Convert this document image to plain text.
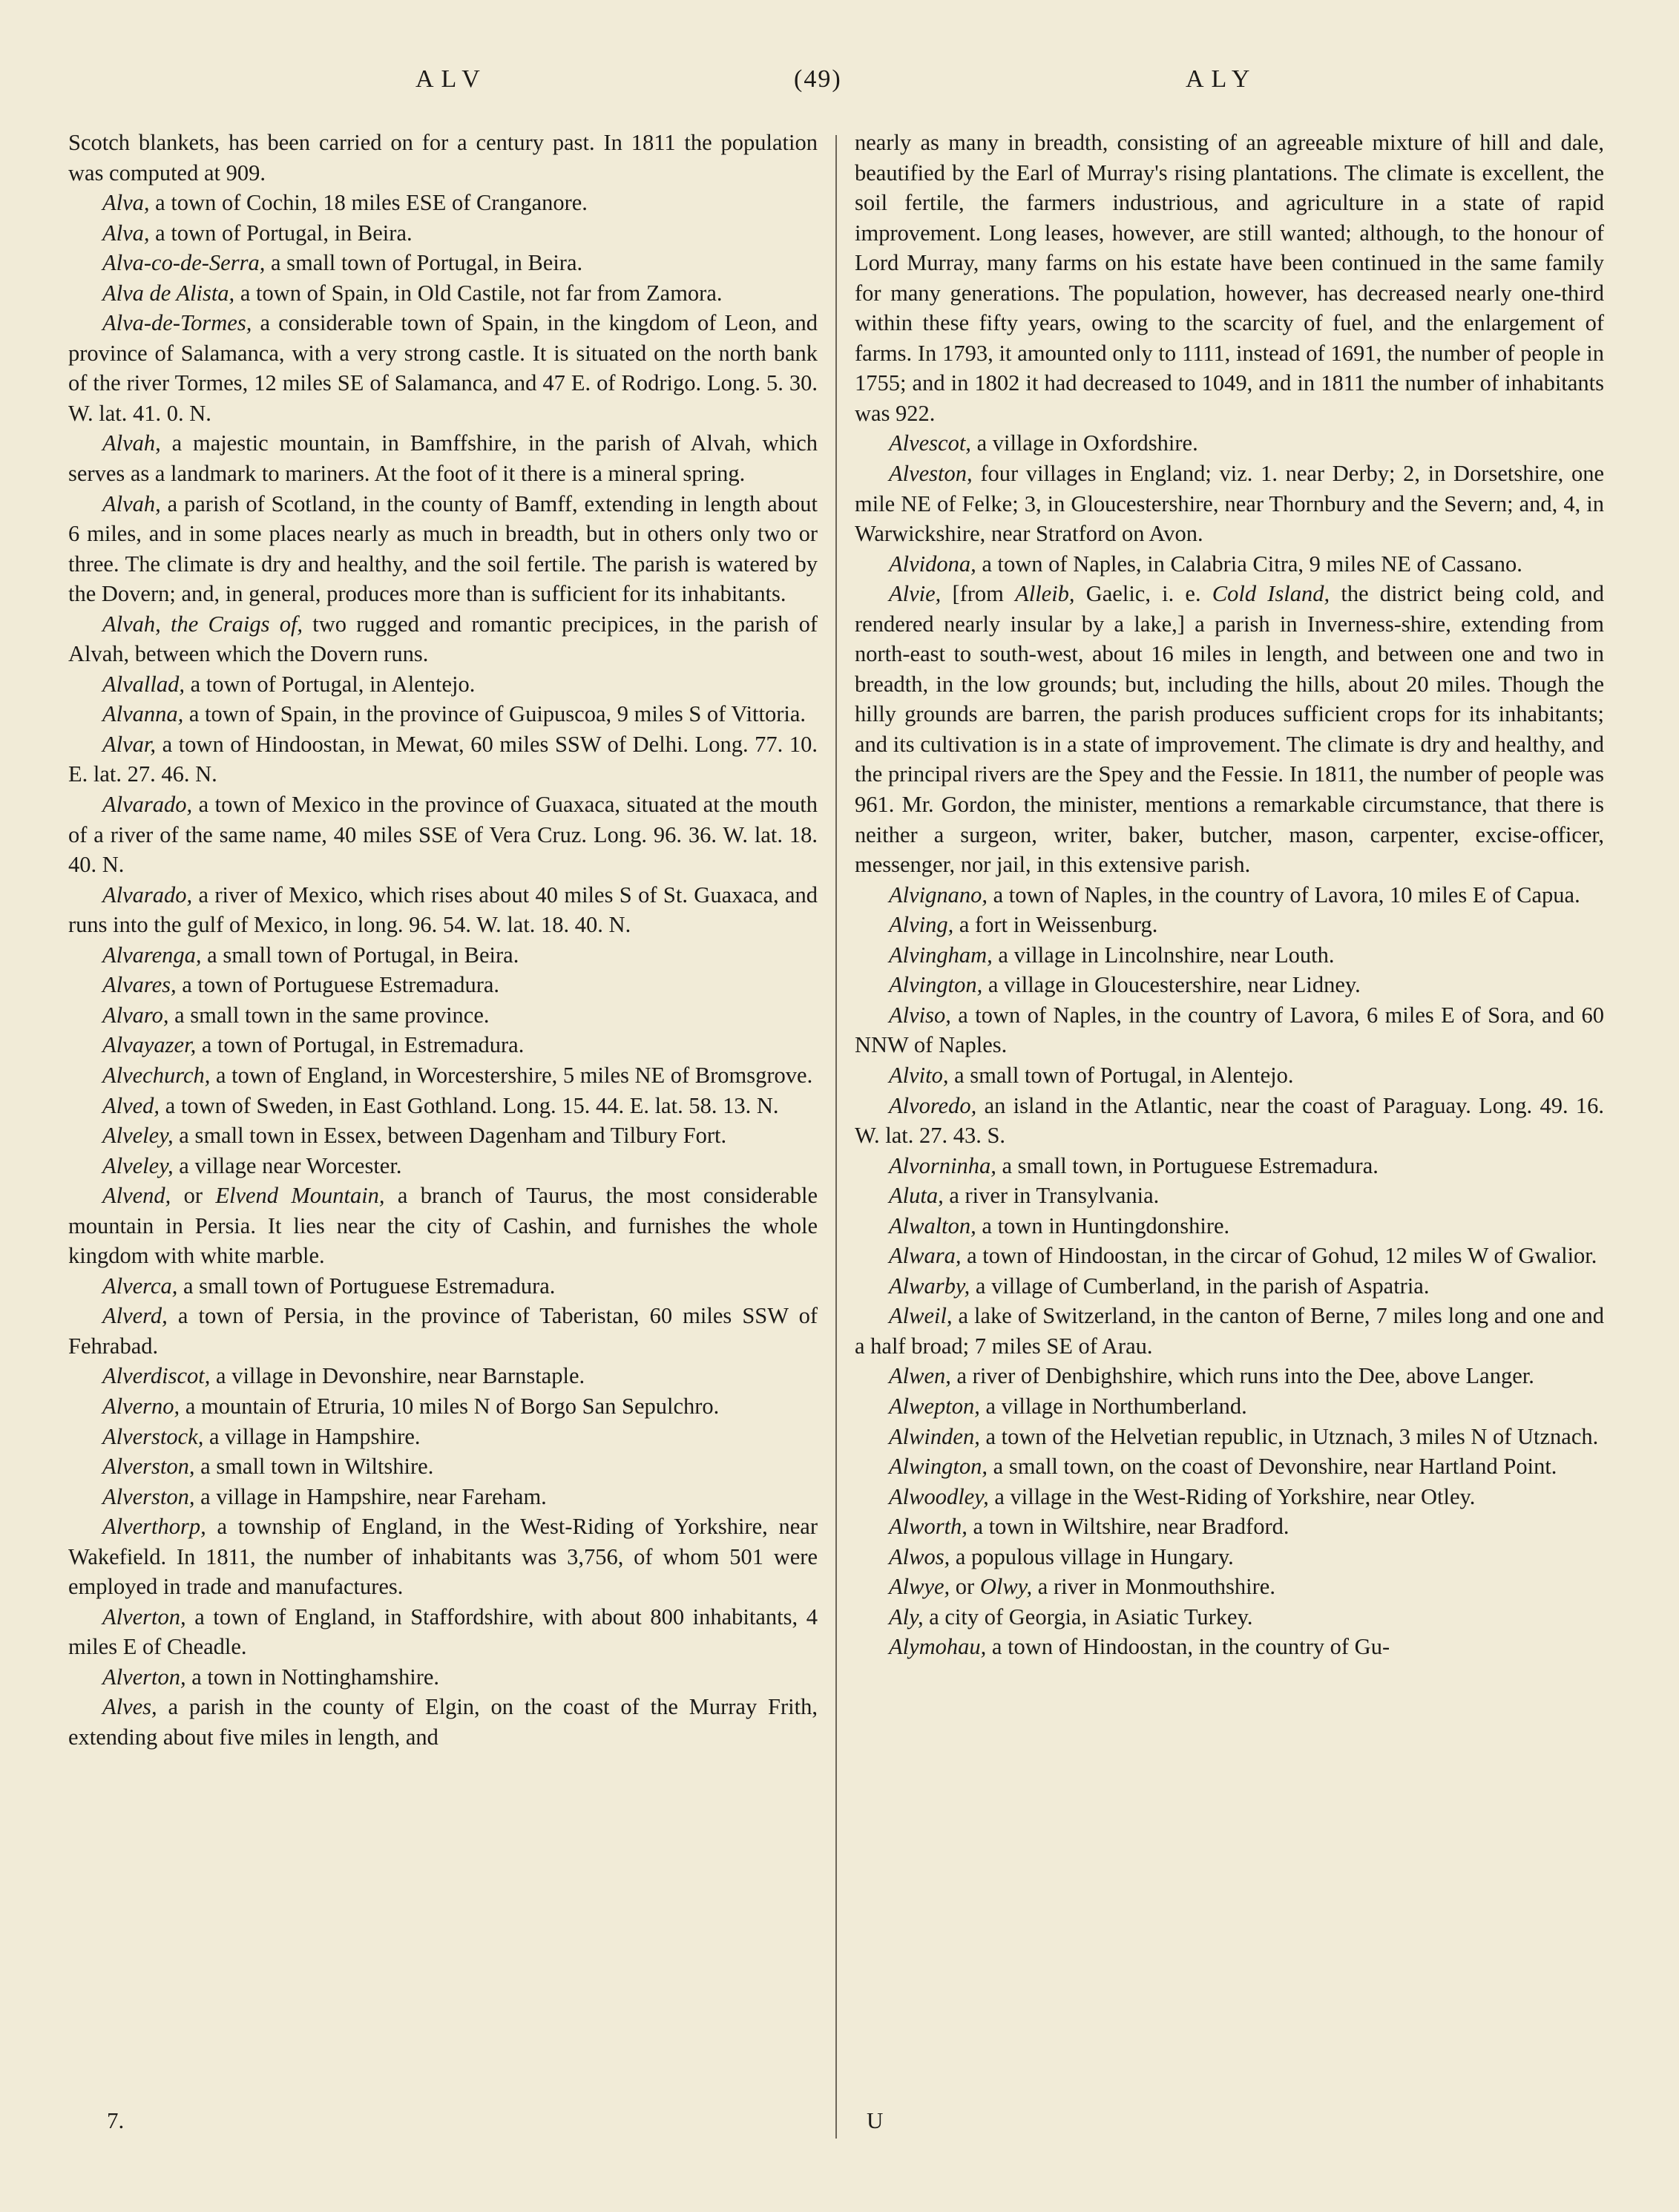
ALV	(49)	ALY

Scotch blankets, has been carried on for a century past. In 1811 the population was computed at 909.

Alva, a town of Cochin, 18 miles ESE of Cranganore.

Alva, a town of Portugal, in Beira.

Alva-co-de-Serra, a small town of Portugal, in Beira.

Alva de Alista, a town of Spain, in Old Castile, not far from Zamora.

Alva-de-Tormes, a considerable town of Spain, in the kingdom of Leon, and province of Salamanca, with a very strong castle. It is situated on the north bank of the river Tormes, 12 miles SE of Salamanca, and 47 E. of Rodrigo. Long. 5. 30. W. lat. 41. 0. N.

Alvah, a majestic mountain, in Bamffshire, in the parish of Alvah, which serves as a landmark to mariners. At the foot of it there is a mineral spring.

Alvah, a parish of Scotland, in the county of Bamff, extending in length about 6 miles, and in some places nearly as much in breadth, but in others only two or three. The climate is dry and healthy, and the soil fertile. The parish is watered by the Dovern; and, in general, produces more than is sufficient for its inhabitants.

Alvah, the Craigs of, two rugged and romantic precipices, in the parish of Alvah, between which the Dovern runs.

Alvallad, a town of Portugal, in Alentejo.

Alvanna, a town of Spain, in the province of Guipuscoa, 9 miles S of Vittoria.

Alvar, a town of Hindoostan, in Mewat, 60 miles SSW of Delhi. Long. 77. 10. E. lat. 27. 46. N.

Alvarado, a town of Mexico in the province of Guaxaca, situated at the mouth of a river of the same name, 40 miles SSE of Vera Cruz. Long. 96. 36. W. lat. 18. 40. N.

Alvarado, a river of Mexico, which rises about 40 miles S of St. Guaxaca, and runs into the gulf of Mexico, in long. 96. 54. W. lat. 18. 40. N.

Alvarenga, a small town of Portugal, in Beira.

Alvares, a town of Portuguese Estremadura.

Alvaro, a small town in the same province.

Alvayazer, a town of Portugal, in Estremadura.

Alvechurch, a town of England, in Worcestershire, 5 miles NE of Bromsgrove.

Alved, a town of Sweden, in East Gothland. Long. 15. 44. E. lat. 58. 13. N.

Alveley, a small town in Essex, between Dagenham and Tilbury Fort.

Alveley, a village near Worcester.

Alvend, or Elvend Mountain, a branch of Taurus, the most considerable mountain in Persia. It lies near the city of Cashin, and furnishes the whole kingdom with white marble.

Alverca, a small town of Portuguese Estremadura.

Alverd, a town of Persia, in the province of Taberistan, 60 miles SSW of Fehrabad.

Alverdiscot, a village in Devonshire, near Barnstaple.

Alverno, a mountain of Etruria, 10 miles N of Borgo San Sepulchro.

Alverstock, a village in Hampshire.

Alverston, a small town in Wiltshire.

Alverston, a village in Hampshire, near Fareham.

Alverthorp, a township of England, in the West-Riding of Yorkshire, near Wakefield. In 1811, the number of inhabitants was 3,756, of whom 501 were employed in trade and manufactures.

Alverton, a town of England, in Staffordshire, with about 800 inhabitants, 4 miles E of Cheadle.

Alverton, a town in Nottinghamshire.

Alves, a parish in the county of Elgin, on the coast of the Murray Frith, extending about five miles in length, and

nearly as many in breadth, consisting of an agreeable mixture of hill and dale, beautified by the Earl of Murray's rising plantations. The climate is excellent, the soil fertile, the farmers industrious, and agriculture in a state of rapid improvement. Long leases, however, are still wanted; although, to the honour of Lord Murray, many farms on his estate have been continued in the same family for many generations. The population, however, has decreased nearly one-third within these fifty years, owing to the scarcity of fuel, and the enlargement of farms. In 1793, it amounted only to 1111, instead of 1691, the number of people in 1755; and in 1802 it had decreased to 1049, and in 1811 the number of inhabitants was 922.

Alvescot, a village in Oxfordshire.

Alveston, four villages in England; viz. 1. near Derby; 2, in Dorsetshire, one mile NE of Felke; 3, in Gloucestershire, near Thornbury and the Severn; and, 4, in Warwickshire, near Stratford on Avon.

Alvidona, a town of Naples, in Calabria Citra, 9 miles NE of Cassano.

Alvie, [from Alleib, Gaelic, i. e. Cold Island, the district being cold, and rendered nearly insular by a lake,] a parish in Inverness-shire, extending from north-east to south-west, about 16 miles in length, and between one and two in breadth, in the low grounds; but, including the hills, about 20 miles. Though the hilly grounds are barren, the parish produces sufficient crops for its inhabitants; and its cultivation is in a state of improvement. The climate is dry and healthy, and the principal rivers are the Spey and the Fessie. In 1811, the number of people was 961. Mr. Gordon, the minister, mentions a remarkable circumstance, that there is neither a surgeon, writer, baker, butcher, mason, carpenter, excise-officer, messenger, nor jail, in this extensive parish.

Alvignano, a town of Naples, in the country of Lavora, 10 miles E of Capua.

Alving, a fort in Weissenburg.

Alvingham, a village in Lincolnshire, near Louth.

Alvington, a village in Gloucestershire, near Lidney.

Alviso, a town of Naples, in the country of Lavora, 6 miles E of Sora, and 60 NNW of Naples.

Alvito, a small town of Portugal, in Alentejo.

Alvoredo, an island in the Atlantic, near the coast of Paraguay. Long. 49. 16. W. lat. 27. 43. S.

Alvorninha, a small town, in Portuguese Estremadura.

Aluta, a river in Transylvania.

Alwalton, a town in Huntingdonshire.

Alwara, a town of Hindoostan, in the circar of Gohud, 12 miles W of Gwalior.

Alwarby, a village of Cumberland, in the parish of Aspatria.

Alweil, a lake of Switzerland, in the canton of Berne, 7 miles long and one and a half broad; 7 miles SE of Arau.

Alwen, a river of Denbighshire, which runs into the Dee, above Langer.

Alwepton, a village in Northumberland.

Alwinden, a town of the Helvetian republic, in Utznach, 3 miles N of Utznach.

Alwington, a small town, on the coast of Devonshire, near Hartland Point.

Alwoodley, a village in the West-Riding of Yorkshire, near Otley.

Alworth, a town in Wiltshire, near Bradford.

Alwos, a populous village in Hungary.

Alwye, or Olwy, a river in Monmouthshire.

Aly, a city of Georgia, in Asiatic Turkey.

Alymohau, a town of Hindoostan, in the country of Gu-

7.	U
